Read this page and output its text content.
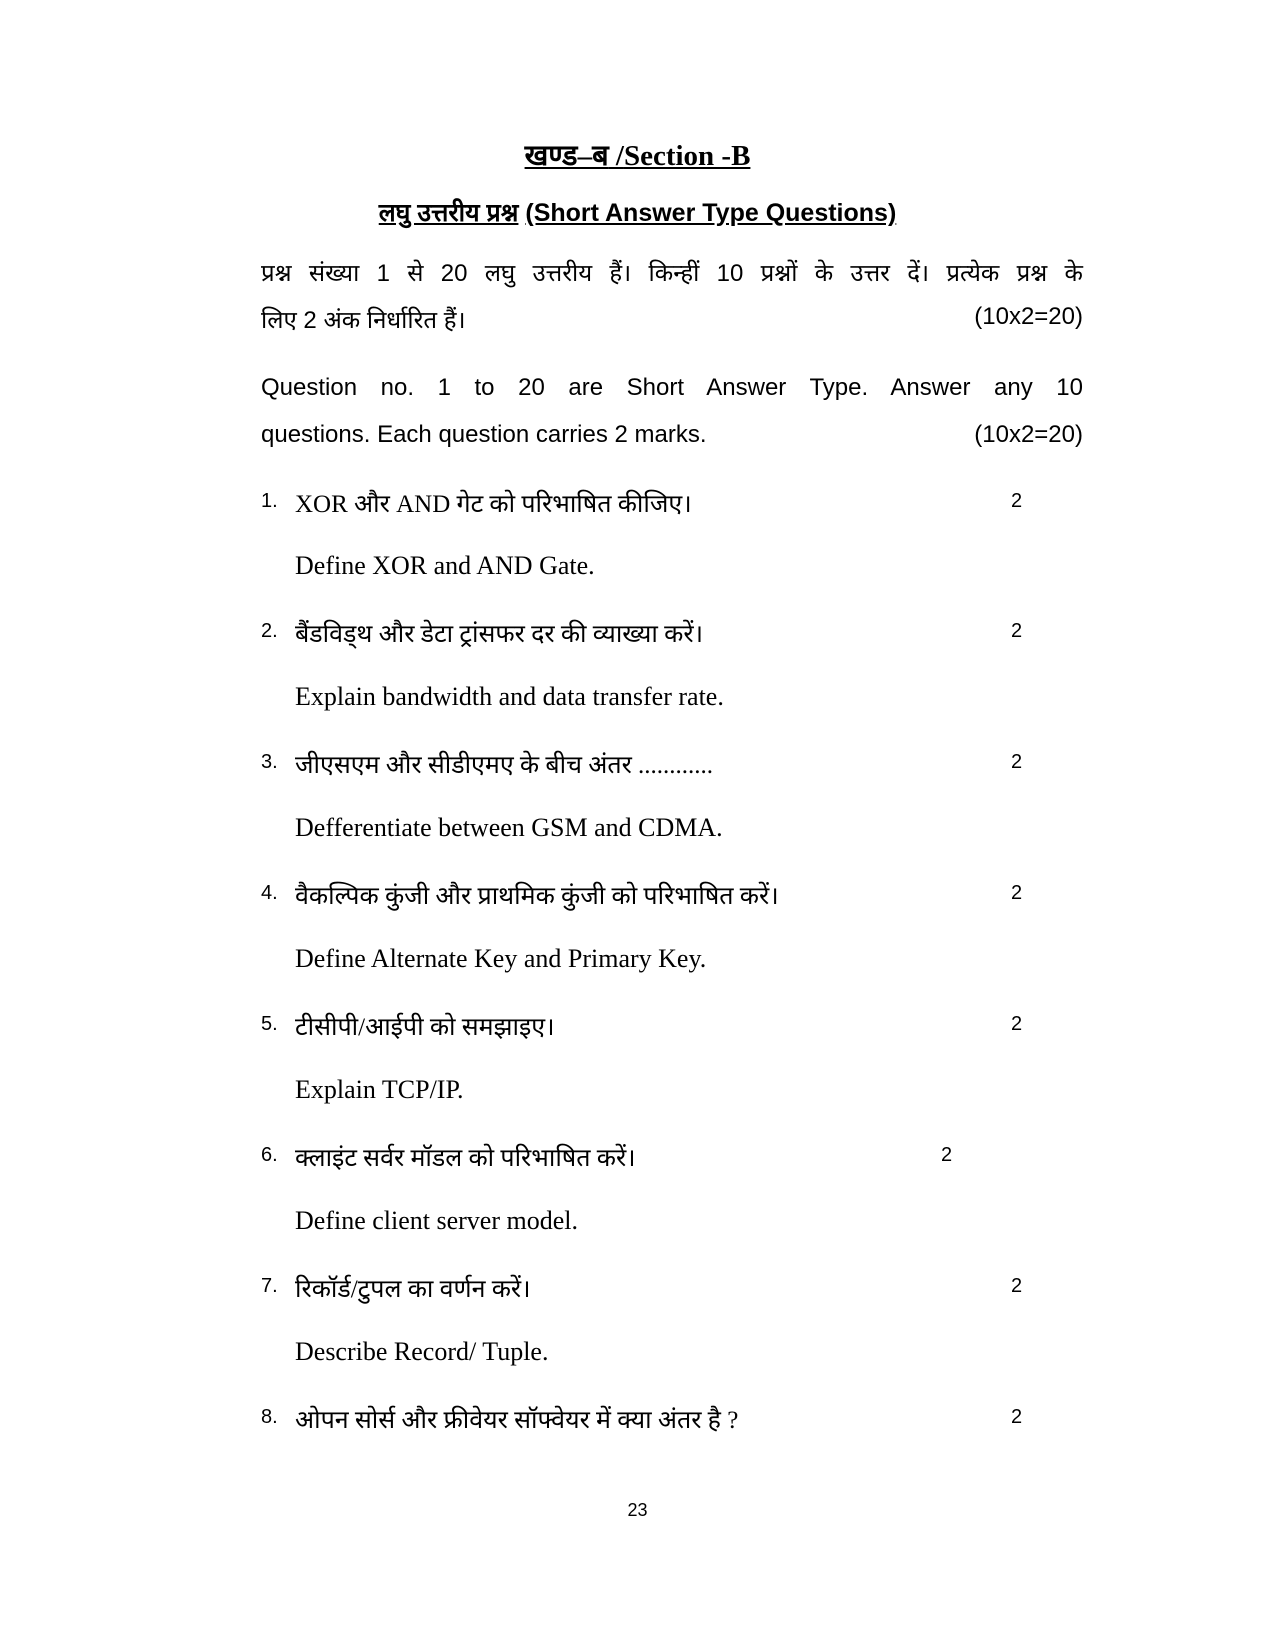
खण्ड–ब /Section -B
लघु उत्तरीय प्रश्न (Short Answer Type Questions)
प्रश्न संख्या 1 से 20 लघु उत्तरीय हैं। किन्हीं 10 प्रश्नों के उत्तर दें। प्रत्येक प्रश्न के
लिए 2 अंक निर्धारित हैं।	(10x2=20)
Question no. 1 to 20 are Short Answer Type. Answer any 10
questions. Each question carries 2 marks.	(10x2=20)
1. XOR और AND गेट को परिभाषित कीजिए।	2
Define XOR and AND Gate.
2. बैंडविड्थ और डेटा ट्रांसफर दर की व्याख्या करें।	2
Explain bandwidth and data transfer rate.
3. जीएसएम और सीडीएमए के बीच अंतर ............	2
Defferentiate between GSM and CDMA.
4. वैकल्पिक कुंजी और प्राथमिक कुंजी को परिभाषित करें।	2
Define Alternate Key and Primary Key.
5. टीसीपी/आईपी को समझाइए।	2
Explain TCP/IP.
6. क्लाइंट सर्वर मॉडल को परिभाषित करें।	2
Define client server model.
7. रिकॉर्ड/टुपल का वर्णन करें।	2
Describe Record/ Tuple.
8. ओपन सोर्स और फ्रीवेयर सॉफ्वेयर में क्या अंतर है ?	2
23
